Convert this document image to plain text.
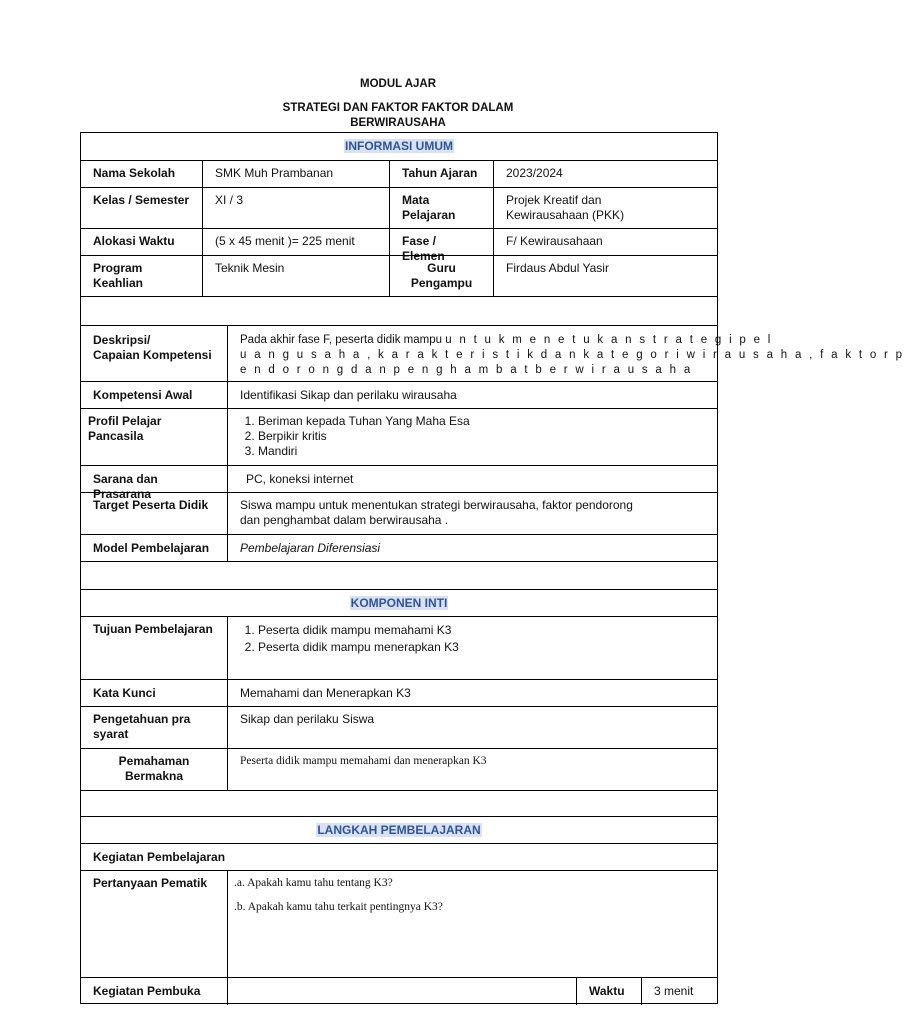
MODUL AJAR
STRATEGI DAN FAKTOR FAKTOR DALAM
BERWIRAUSAHA
INFORMASI UMUM
Nama Sekolah	SMK Muh Prambanan	Tahun Ajaran	2023/2024
Kelas / Semester	XI / 3	Mata Pelajaran
Projek Kreatif dan
Kewirausahaan (PKK)
Alokasi Waktu	(5 x 45 menit )= 225 menit	Fase / Elemen
F/ Kewirausahaan
Program
Keahlian
Teknik Mesin	Guru
Pengampu
Firdaus Abdul Yasir
Deskripsi/
Capaian Kompetensi
Pada akhir fase F, peserta didik mampu u n t u k m e n e t u k a n s t r a t e g i p e l
u a n g u s a h a , k a r a k t e r i s t i k d a n k a t e g o r i w i r a u s a h a , f a k t o r p
e n d o r o n g d a n p e n g h a m b a t b e r w i r a u s a h a
Kompetensi Awal	Identifikasi Sikap dan perilaku wirausaha
Profil Pelajar Pancasila
1. Beriman kepada Tuhan Yang Maha Esa
2. Berpikir kritis
3. Mandiri
Sarana dan Prasarana
PC, koneksi internet
Target Peserta Didik	Siswa mampu untuk menentukan strategi berwirausaha, faktor pendorong
dan penghambat dalam berwirausaha .
Model Pembelajaran	Pembelajaran Diferensiasi
KOMPONEN INTI
Tujuan Pembelajaran
1.	Peserta didik mampu memahami K3
2. Peserta didik mampu menerapkan K3
Kata Kunci	Memahami dan Menerapkan K3
Pengetahuan pra
syarat
Sikap dan perilaku Siswa
Pemahaman
Bermakna
Peserta didik mampu memahami dan menerapkan K3
LANGKAH PEMBELAJARAN
Kegiatan Pembelajaran
Pertanyaan Pematik	.a. Apakah kamu tahu tentang K3?
.b. Apakah kamu tahu terkait pentingnya K3?
Kegiatan Pembuka	Waktu	3 menit
